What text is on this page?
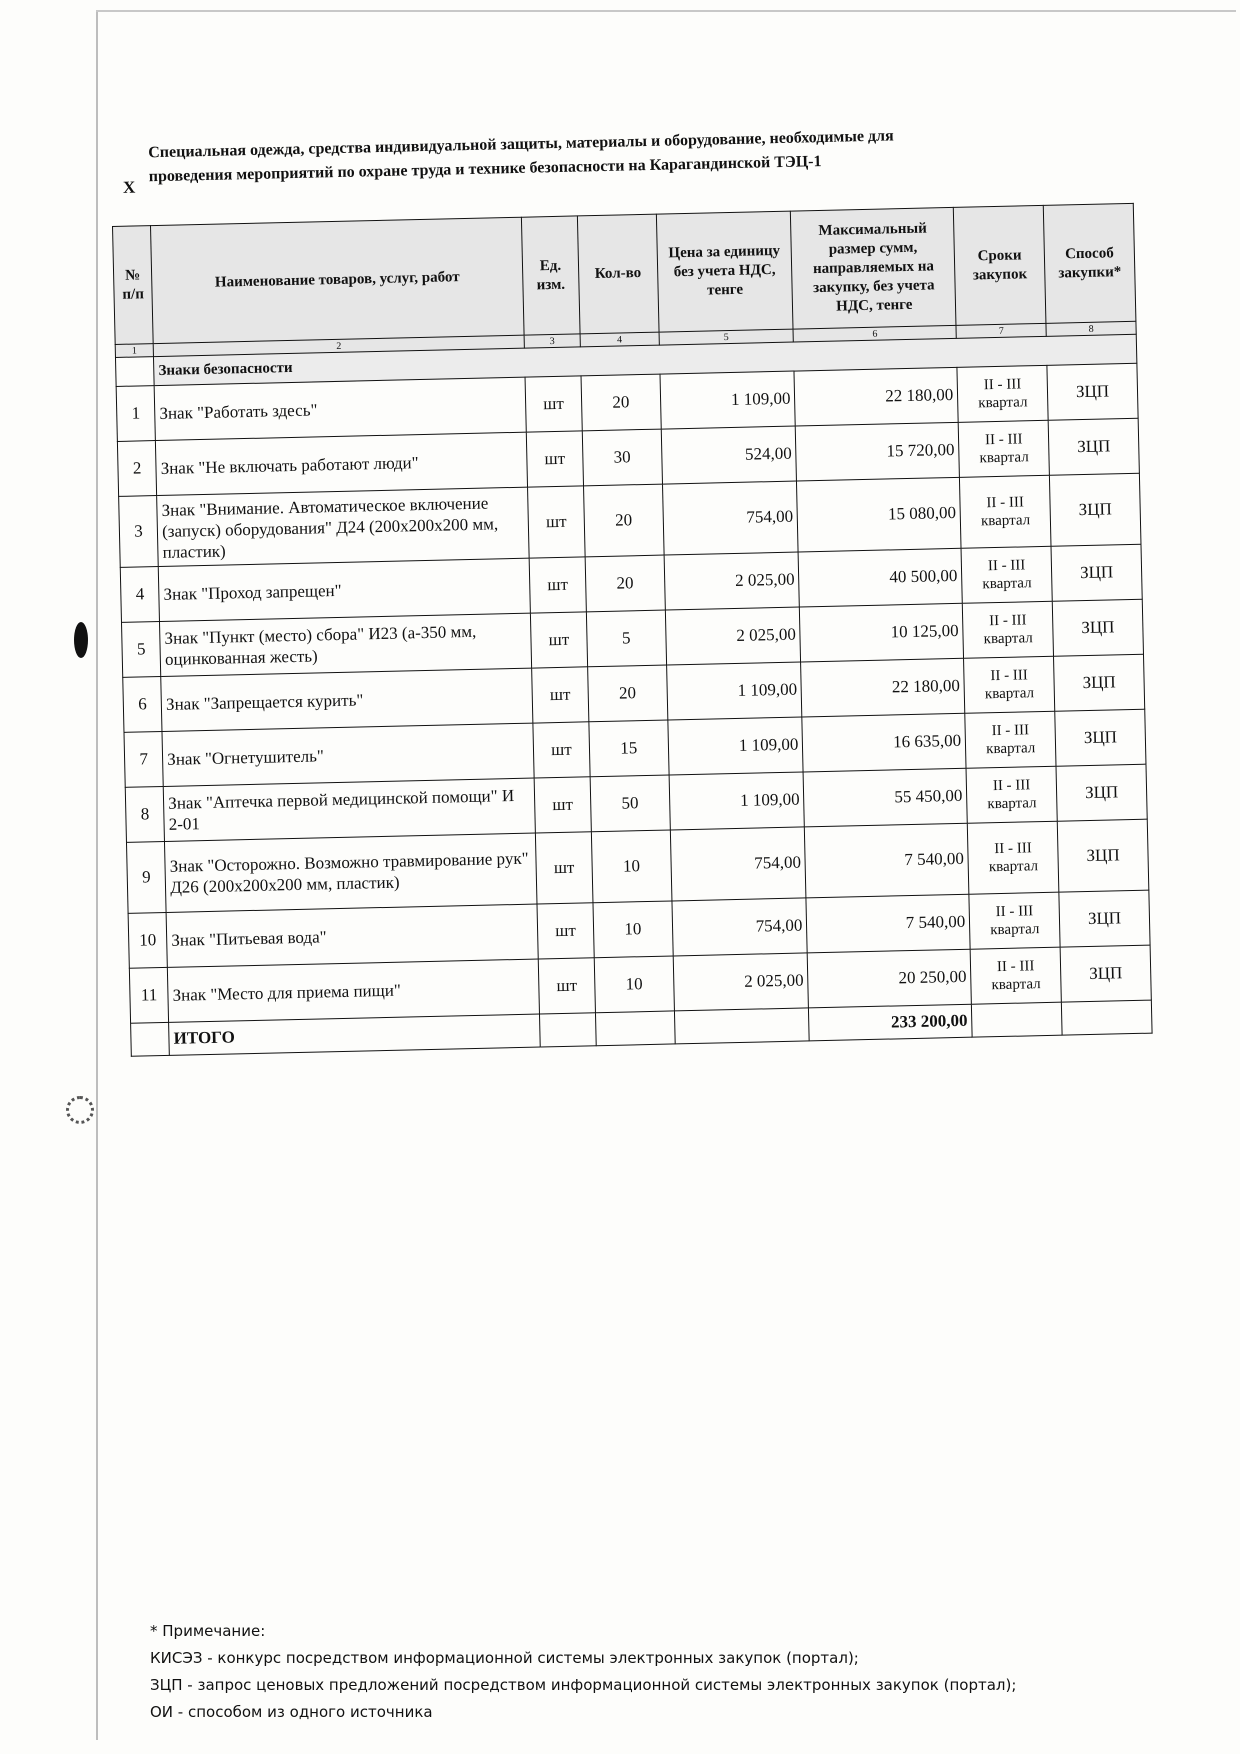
X
Специальная одежда, средства индивидуальной защиты, материалы и оборудование, необходимые для
проведения мероприятий по охране труда и технике безопасности на Карагандинской ТЭЦ-1
№ п/п	Наименование товаров, услуг, работ	Ед. изм.	Кол-во	Цена за единицу без учета НДС, тенге	Максимальный размер сумм, направляемых на закупку, без учета НДС, тенге	Сроки закупок	Способ закупки*
1	2	3	4	5	6	7	8
	Знаки безопасности						
1	Знак "Работать здесь"	шт	20	1 109,00	22 180,00	II - III квартал	ЗЦП
2	Знак "Не включать работают люди"	шт	30	524,00	15 720,00	II - III квартал	ЗЦП
3	Знак "Внимание. Автоматическое включение (запуск) оборудования" Д24 (200x200x200 мм, пластик)	шт	20	754,00	15 080,00	II - III квартал	ЗЦП
4	Знак "Проход запрещен"	шт	20	2 025,00	40 500,00	II - III квартал	ЗЦП
5	Знак "Пункт (место) сбора" И23 (а-350 мм, оцинкованная жесть)	шт	5	2 025,00	10 125,00	II - III квартал	ЗЦП
6	Знак "Запрещается курить"	шт	20	1 109,00	22 180,00	II - III квартал	ЗЦП
7	Знак "Огнетушитель"	шт	15	1 109,00	16 635,00	II - III квартал	ЗЦП
8	Знак "Аптечка первой медицинской помощи" И 2-01	шт	50	1 109,00	55 450,00	II - III квартал	ЗЦП
9	Знак "Осторожно. Возможно травмирование рук" Д26 (200x200x200 мм, пластик)	шт	10	754,00	7 540,00	II - III квартал	ЗЦП
10	Знак "Питьевая вода"	шт	10	754,00	7 540,00	II - III квартал	ЗЦП
11	Знак "Место для приема пищи"	шт	10	2 025,00	20 250,00	II - III квартал	ЗЦП
	ИТОГО				233 200,00		
* Примечание:
КИСЭЗ - конкурс посредством информационной системы электронных закупок (портал);
ЗЦП - запрос ценовых предложений посредством информационной системы электронных закупок (портал);
ОИ - способом из одного источника
